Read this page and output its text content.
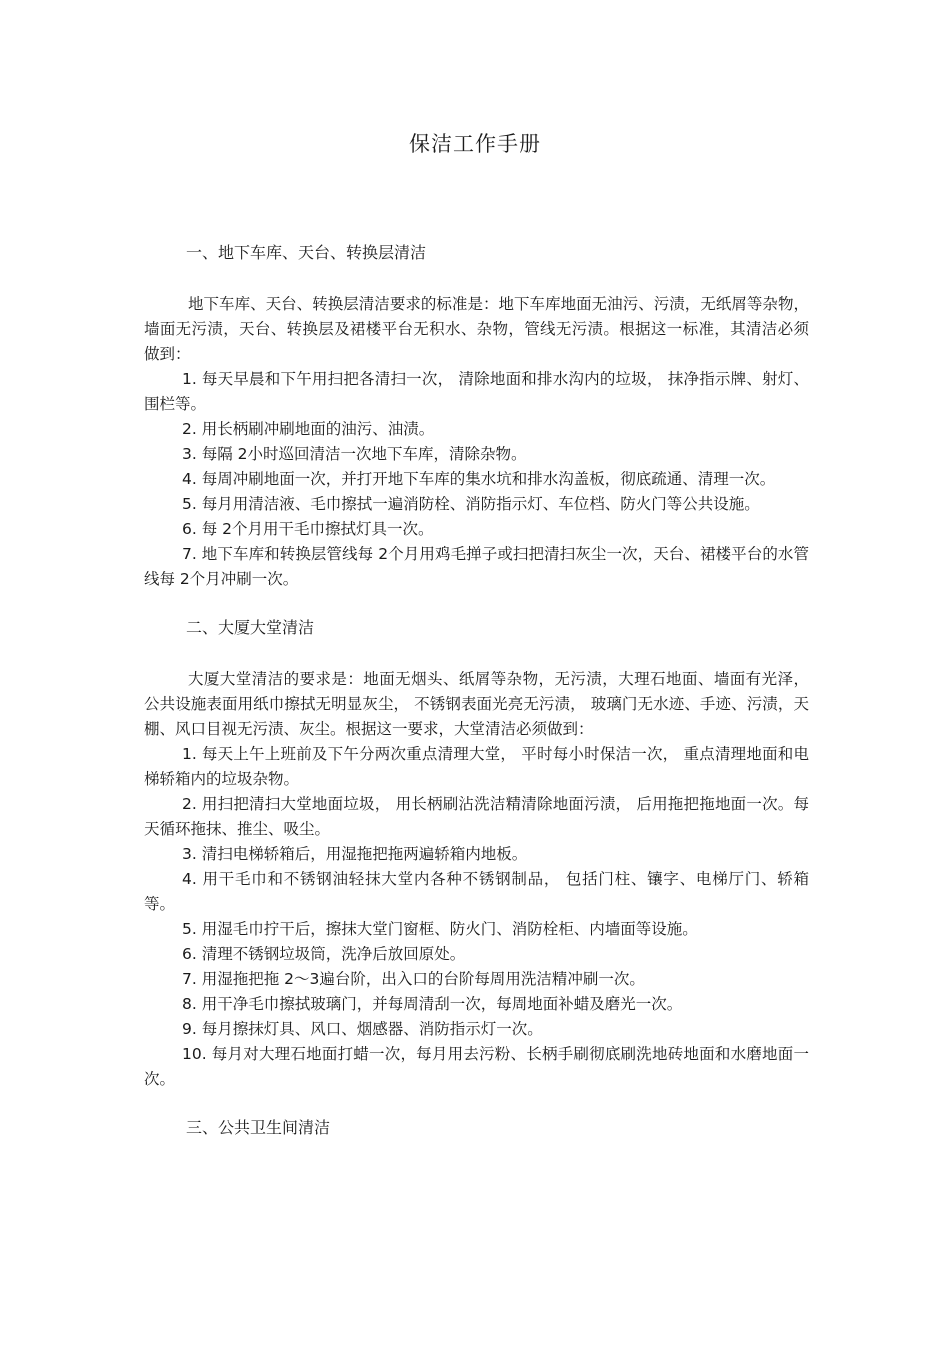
保洁工作手册
一、地下车库、天台、转换层清洁

地下车库、天台、转换层清洁要求的标准是：地下车库地面无油污、污渍，无纸屑等杂物，墙面无污渍，天台、转换层及裙楼平台无积水、杂物，管线无污渍。根据这一标准，其清洁必须做到：

1. 每天早晨和下午用扫把各清扫一次， 清除地面和排水沟内的垃圾， 抹净指示牌、射灯、围栏等。

2. 用长柄刷冲刷地面的油污、油渍。

3. 每隔 2小时巡回清洁一次地下车库，清除杂物。

4. 每周冲刷地面一次，并打开地下车库的集水坑和排水沟盖板，彻底疏通、清理一次。

5. 每月用清洁液、毛巾擦拭一遍消防栓、消防指示灯、车位档、防火门等公共设施。

6. 每 2个月用干毛巾擦拭灯具一次。

7. 地下车库和转换层管线每 2个月用鸡毛掸子或扫把清扫灰尘一次，天台、裙楼平台的水管线每 2个月冲刷一次。

二、大厦大堂清洁

大厦大堂清洁的要求是：地面无烟头、纸屑等杂物，无污渍，大理石地面、墙面有光泽， 公共设施表面用纸巾擦拭无明显灰尘， 不锈钢表面光亮无污渍， 玻璃门无水迹、手迹、污渍，天棚、风口目视无污渍、灰尘。根据这一要求，大堂清洁必须做到：

1. 每天上午上班前及下午分两次重点清理大堂， 平时每小时保洁一次， 重点清理地面和电梯轿箱内的垃圾杂物。

2. 用扫把清扫大堂地面垃圾， 用长柄刷沾洗洁精清除地面污渍， 后用拖把拖地面一次。每天循环拖抹、推尘、吸尘。

3. 清扫电梯轿箱后，用湿拖把拖两遍轿箱内地板。

4. 用干毛巾和不锈钢油轻抹大堂内各种不锈钢制品， 包括门柱、镶字、电梯厅门、轿箱等。

5. 用湿毛巾拧干后，擦抹大堂门窗框、防火门、消防栓柜、内墙面等设施。

6. 清理不锈钢垃圾筒，洗净后放回原处。

7. 用湿拖把拖 2～3遍台阶，出入口的台阶每周用洗洁精冲刷一次。

8. 用干净毛巾擦拭玻璃门，并每周清刮一次，每周地面补蜡及磨光一次。

9. 每月擦抹灯具、风口、烟感器、消防指示灯一次。

10. 每月对大理石地面打蜡一次，每月用去污粉、长柄手刷彻底刷洗地砖地面和水磨地面一次。

三、公共卫生间清洁
